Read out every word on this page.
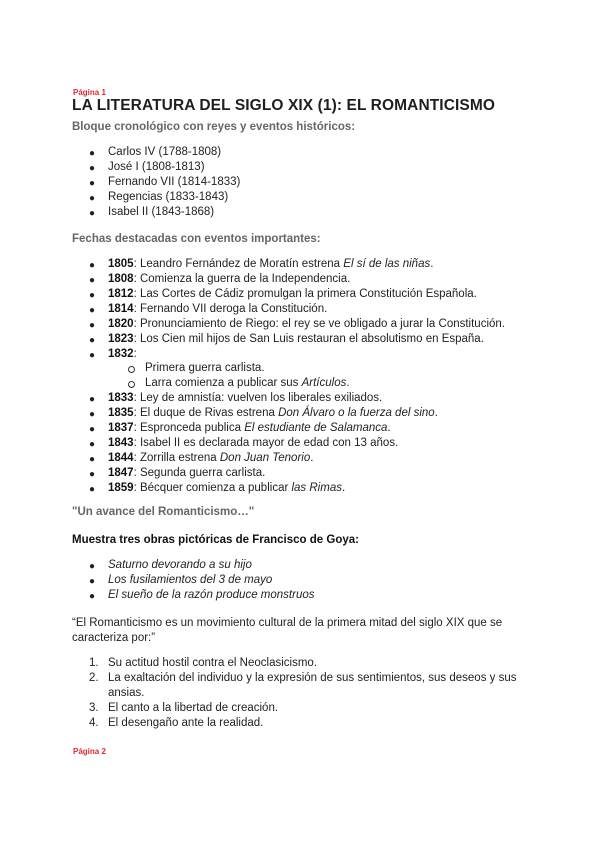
Página 1
LA LITERATURA DEL SIGLO XIX (1): EL ROMANTICISMO
Bloque cronológico con reyes y eventos históricos:
● Carlos IV (1788-1808)
● José I (1808-1813)
● Fernando VII (1814-1833)
● Regencias (1833-1843)
● Isabel II (1843-1868)
Fechas destacadas con eventos importantes:
● 1805: Leandro Fernández de Moratín estrena El sí de las niñas.
● 1808: Comienza la guerra de la Independencia.
● 1812: Las Cortes de Cádiz promulgan la primera Constitución Española.
● 1814: Fernando VII deroga la Constitución.
● 1820: Pronunciamiento de Riego: el rey se ve obligado a jurar la Constitución.
● 1823: Los Cien mil hijos de San Luis restauran el absolutismo en España.
● 1832:
Primera guerra carlista.
Larra comienza a publicar sus Artículos.
● 1833: Ley de amnistía: vuelven los liberales exiliados.
● 1835: El duque de Rivas estrena Don Álvaro o la fuerza del sino.
● 1837: Espronceda publica El estudiante de Salamanca.
● 1843: Isabel II es declarada mayor de edad con 13 años.
● 1844: Zorrilla estrena Don Juan Tenorio.
● 1847: Segunda guerra carlista.
● 1859: Bécquer comienza a publicar las Rimas.
"Un avance del Romanticismo…"
Muestra tres obras pictóricas de Francisco de Goya:
● Saturno devorando a su hijo
● Los fusilamientos del 3 de mayo
● El sueño de la razón produce monstruos
“El Romanticismo es un movimiento cultural de la primera mitad del siglo XIX que se
caracteriza por:”
1. Su actitud hostil contra el Neoclasicismo.
2. La exaltación del individuo y la expresión de sus sentimientos, sus deseos y sus
ansias.
3. El canto a la libertad de creación.
4. El desengaño ante la realidad.
Página 2
